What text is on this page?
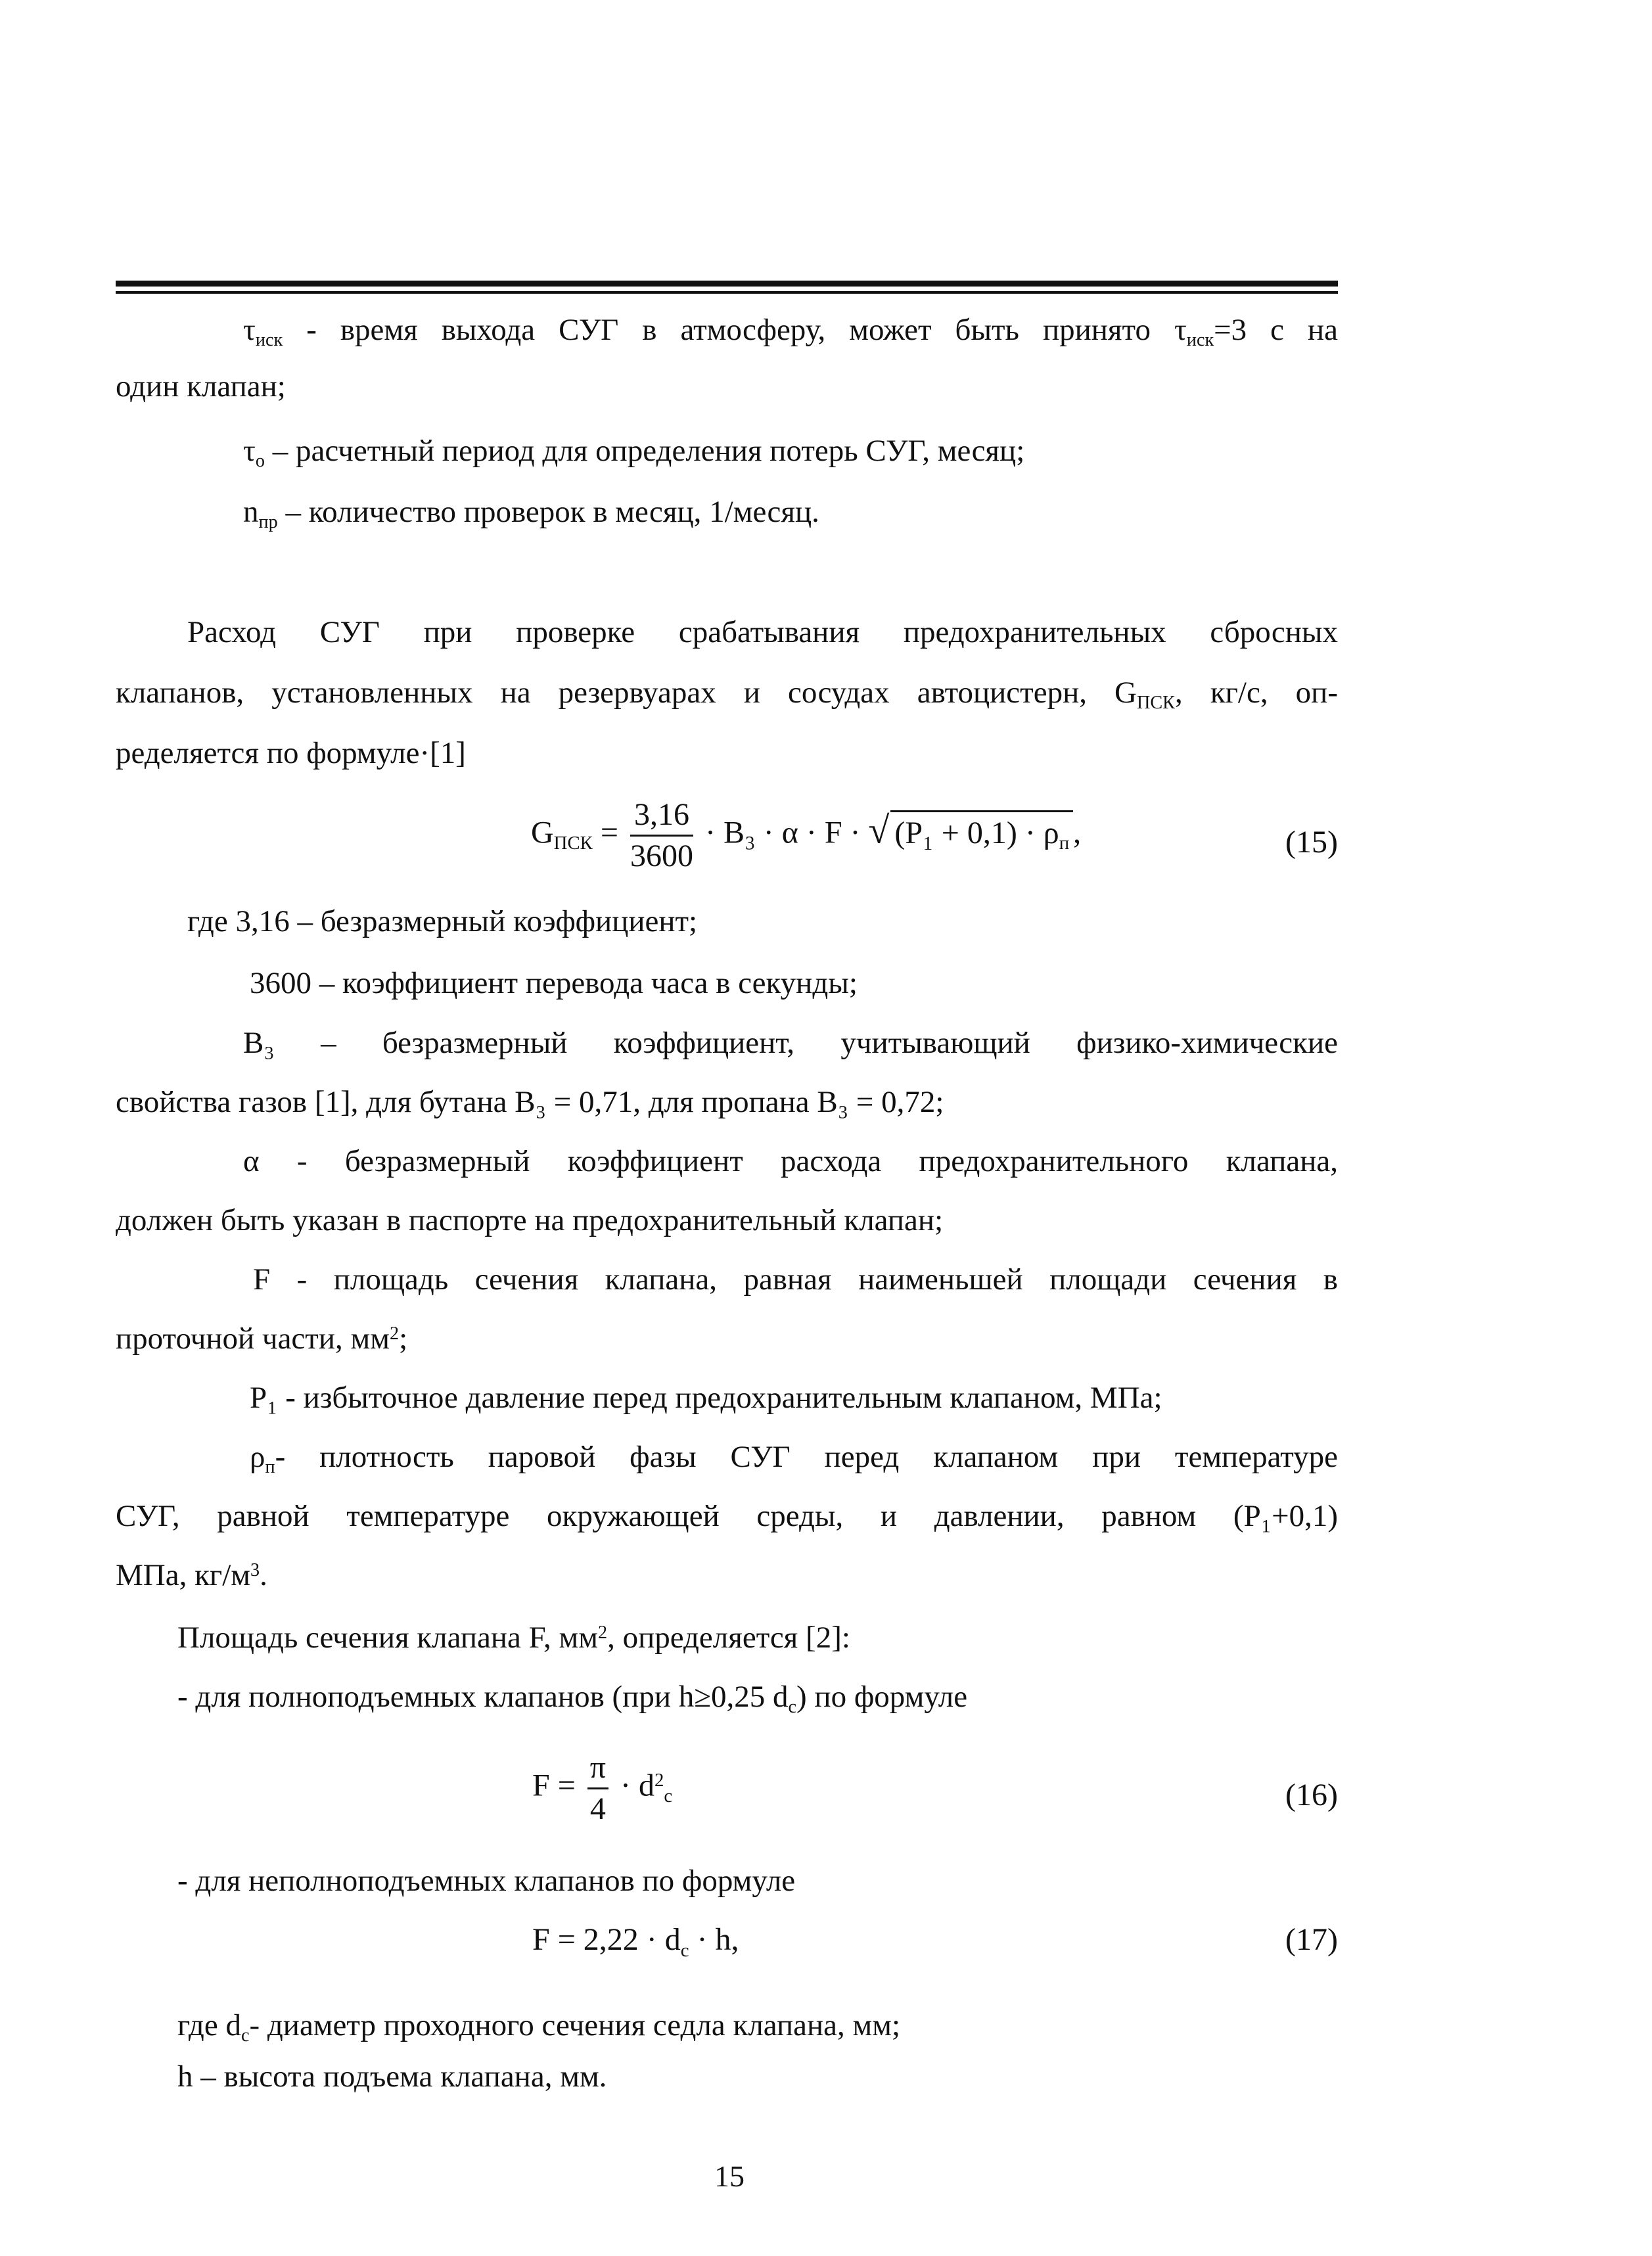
τиск - время выхода СУГ в атмосферу, может быть принято τиск=3 с на
один клапан;
τо – расчетный период для определения потерь СУГ, месяц;
nпр – количество проверок в месяц, 1/месяц.
Расход СУГ при проверке срабатывания предохранительных сбросных
клапанов, установленных на резервуарах и сосудах автоцистерн, GПСК, кг/с, оп-
ределяется по формуле·[1]
GПСК = $\frac{3,16}{3600} \cdot B_3 \cdot \alpha \cdot F$ · √ (P₁ + 0,1) · ρп ,	(15)
где 3,16 – безразмерный коэффициент;
3600 – коэффициент перевода часа в секунды;
В₃ – безразмерный коэффициент, учитывающий физико-химические
свойства газов [1], для бутана В₃ = 0,71, для пропана В₃ = 0,72;
α - безразмерный коэффициент расхода предохранительного клапана,
должен быть указан в паспорте на предохранительный клапан;
F - площадь сечения клапана, равная наименьшей площади сечения в
проточной части, $мм^2$;
P₁ - избыточное давление перед предохранительным клапаном, МПа;
ρп- плотность паровой фазы СУГ перед клапаном при температуре
СУГ, равной температуре окружающей среды, и давлении, равном (P₁+0,1)
МПа, $кг/м^3$.
Площадь сечения клапана F, $мм^2$, определяется [2]:
- для полноподъемных клапанов (при h≥0,25 dс) по формуле
$F = \frac{\pi}{4} \cdot d^2с$	(16)
- для неполноподъемных клапанов по формуле
F = 2,22 · dс · h,	(17)
где dс- диаметр проходного сечения седла клапана, мм;
h – высота подъема клапана, мм.
15
